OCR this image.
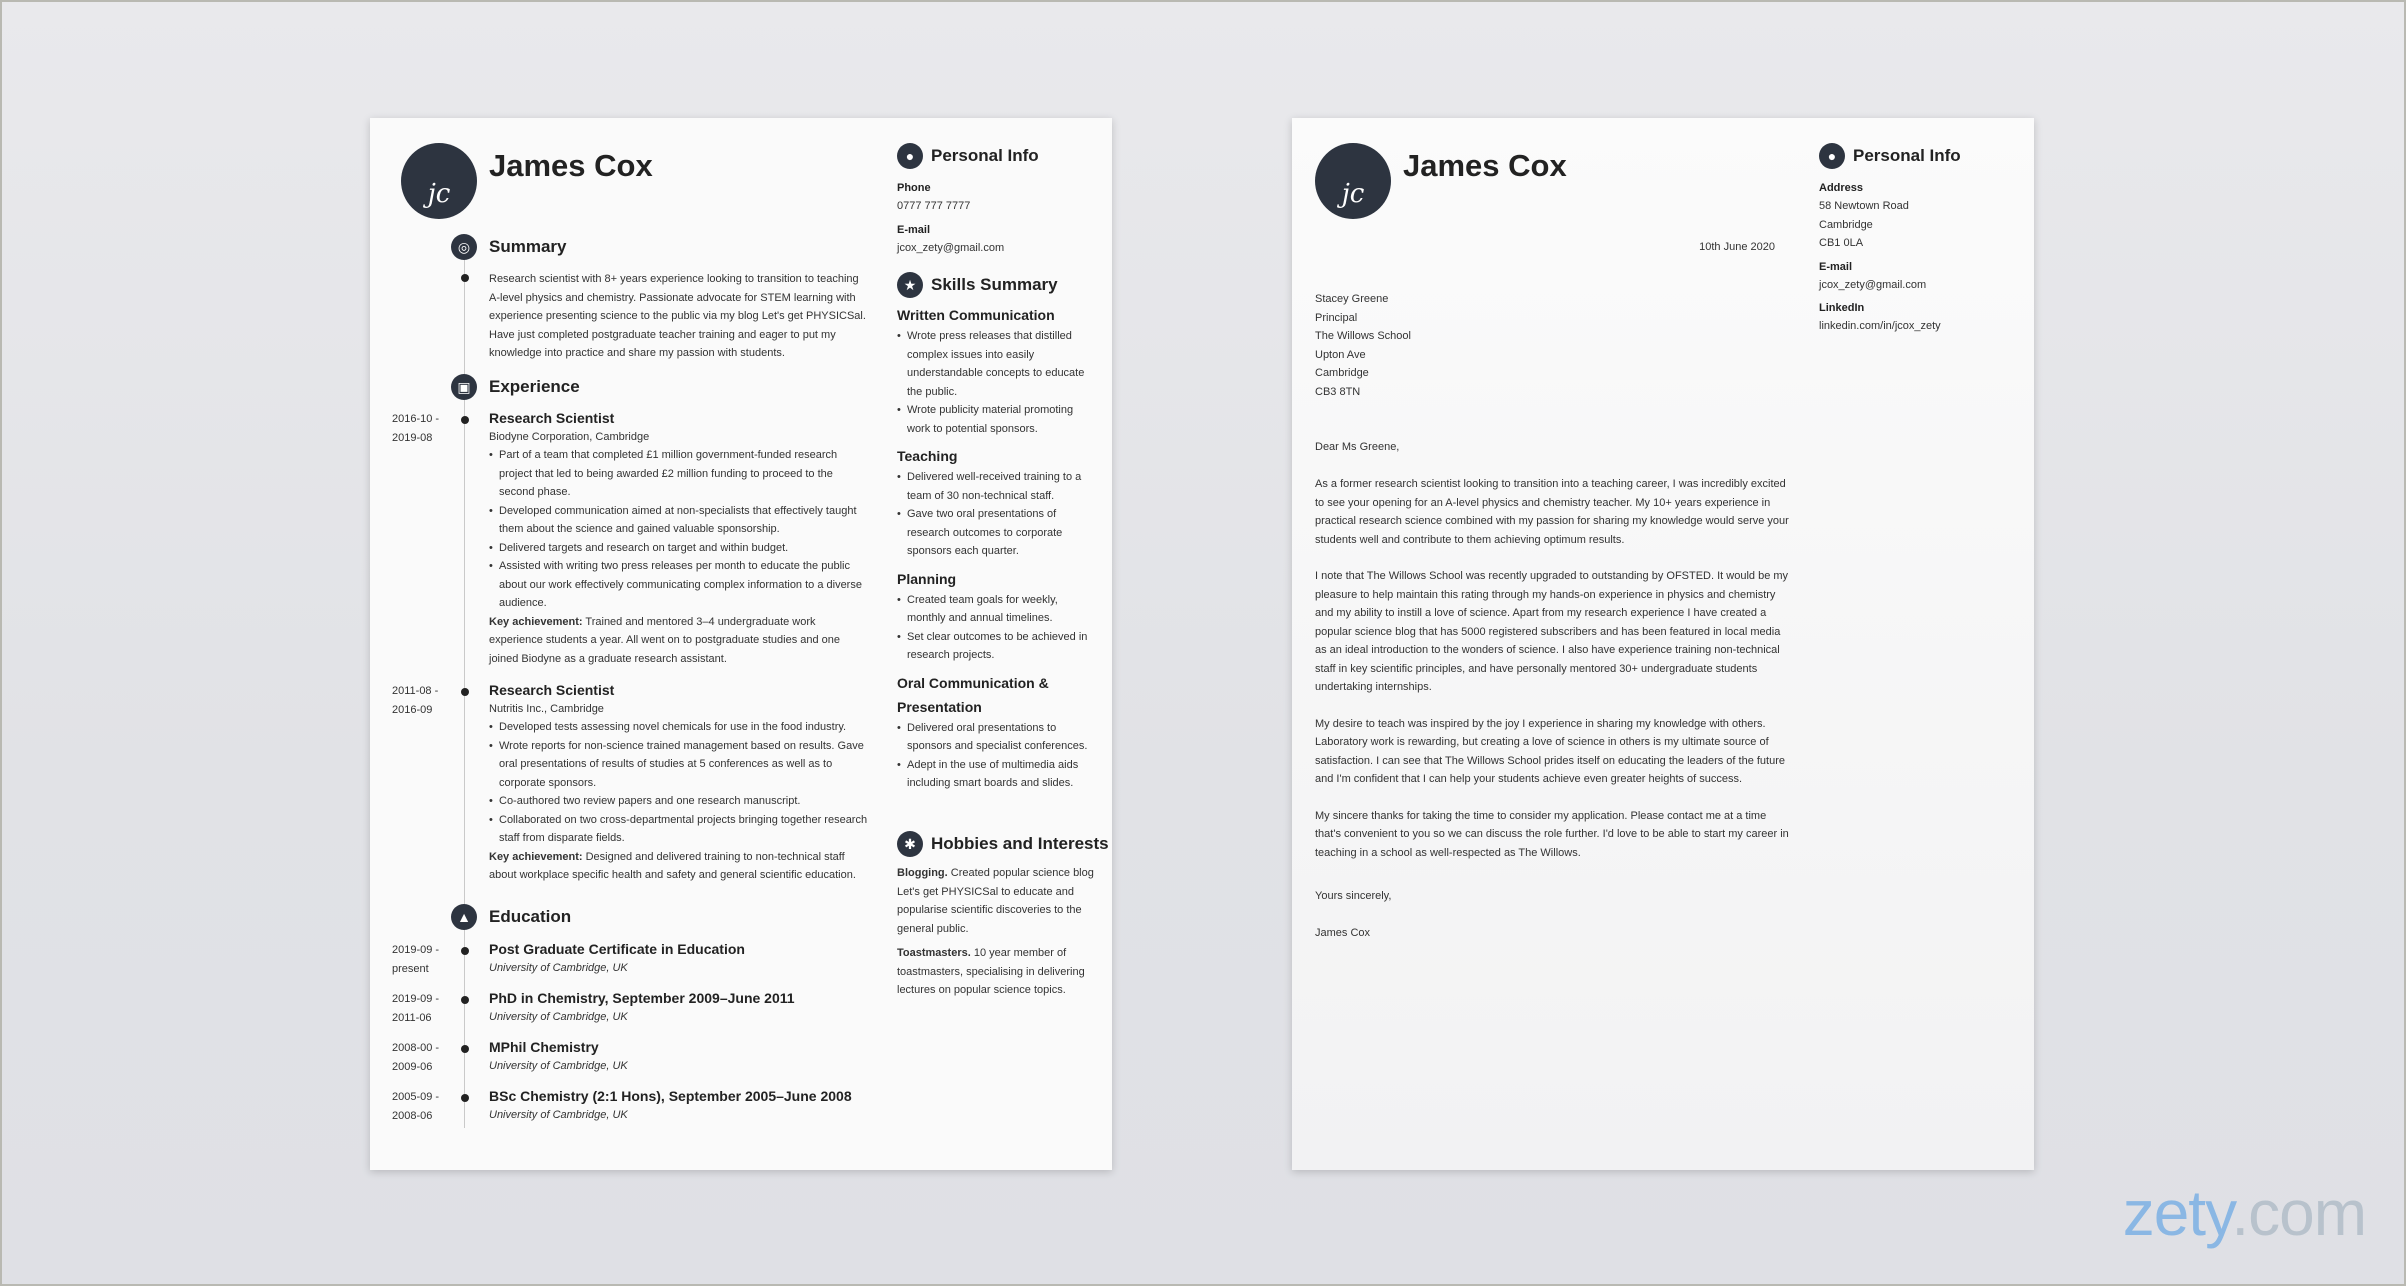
jc
James Cox
◎	Summary
Research scientist with 8+ years experience looking to transition to teaching A-level physics and chemistry. Passionate advocate for STEM learning with experience presenting science to the public via my blog Let's get PHYSICSal. Have just completed postgraduate teacher training and eager to put my knowledge into practice and share my passion with students.
▣	Experience
2016-10 -
2019-08
Research Scientist
Biodyne Corporation, Cambridge
• Part of a team that completed £1 million government-funded research project that led to being awarded £2 million funding to proceed to the second phase.
• Developed communication aimed at non-specialists that effectively taught them about the science and gained valuable sponsorship.
• Delivered targets and research on target and within budget.
• Assisted with writing two press releases per month to educate the public about our work effectively communicating complex information to a diverse audience.
Key achievement: Trained and mentored 3–4 undergraduate work experience students a year. All went on to postgraduate studies and one joined Biodyne as a graduate research assistant.
2011-08 -
2016-09
Research Scientist
Nutritis Inc., Cambridge
• Developed tests assessing novel chemicals for use in the food industry.
• Wrote reports for non-science trained management based on results. Gave oral presentations of results of studies at 5 conferences as well as to corporate sponsors.
• Co-authored two review papers and one research manuscript.
• Collaborated on two cross-departmental projects bringing together research staff from disparate fields.
Key achievement: Designed and delivered training to non-technical staff about workplace specific health and safety and general scientific education.
▲	Education
2019-09 -
present
Post Graduate Certificate in Education
University of Cambridge, UK
2019-09 -
2011-06
PhD in Chemistry, September 2009–June 2011
University of Cambridge, UK
2008-00 -
2009-06
MPhil Chemistry
University of Cambridge, UK
2005-09 -
2008-06
BSc Chemistry (2:1 Hons), September 2005–June 2008
University of Cambridge, UK
● Personal Info
Phone
0777 777 7777
E-mail
jcox_zety@gmail.com
★ Skills Summary
Written Communication
• Wrote press releases that distilled complex issues into easily understandable concepts to educate the public.
• Wrote publicity material promoting work to potential sponsors.
Teaching
• Delivered well-received training to a team of 30 non-technical staff.
• Gave two oral presentations of research outcomes to corporate sponsors each quarter.
Planning
• Created team goals for weekly, monthly and annual timelines.
• Set clear outcomes to be achieved in research projects.
Oral Communication & Presentation
• Delivered oral presentations to sponsors and specialist conferences.
• Adept in the use of multimedia aids including smart boards and slides.
✱ Hobbies and Interests
Blogging. Created popular science blog Let's get PHYSICSal to educate and popularise scientific discoveries to the general public.
Toastmasters. 10 year member of toastmasters, specialising in delivering lectures on popular science topics.
jc
James Cox
10th June 2020
Stacey Greene
Principal
The Willows School
Upton Ave
Cambridge
CB3 8TN
Dear Ms Greene,

As a former research scientist looking to transition into a teaching career, I was incredibly excited to see your opening for an A-level physics and chemistry teacher. My 10+ years experience in practical research science combined with my passion for sharing my knowledge would serve your students well and contribute to them achieving optimum results.

I note that The Willows School was recently upgraded to outstanding by OFSTED. It would be my pleasure to help maintain this rating through my hands-on experience in physics and chemistry and my ability to instill a love of science. Apart from my research experience I have created a popular science blog that has 5000 registered subscribers and has been featured in local media as an ideal introduction to the wonders of science. I also have experience training non-technical staff in key scientific principles, and have personally mentored 30+ undergraduate students undertaking internships.

My desire to teach was inspired by the joy I experience in sharing my knowledge with others. Laboratory work is rewarding, but creating a love of science in others is my ultimate source of satisfaction. I can see that The Willows School prides itself on educating the leaders of the future and I'm confident that I can help your students achieve even greater heights of success.

My sincere thanks for taking the time to consider my application. Please contact me at a time that's convenient to you so we can discuss the role further. I'd love to be able to start my career in teaching in a school as well-respected as The Willows.

Yours sincerely,
James Cox
● Personal Info
Address
58 Newtown Road
Cambridge
CB1 0LA
E-mail
jcox_zety@gmail.com
LinkedIn
linkedin.com/in/jcox_zety
zety.com
